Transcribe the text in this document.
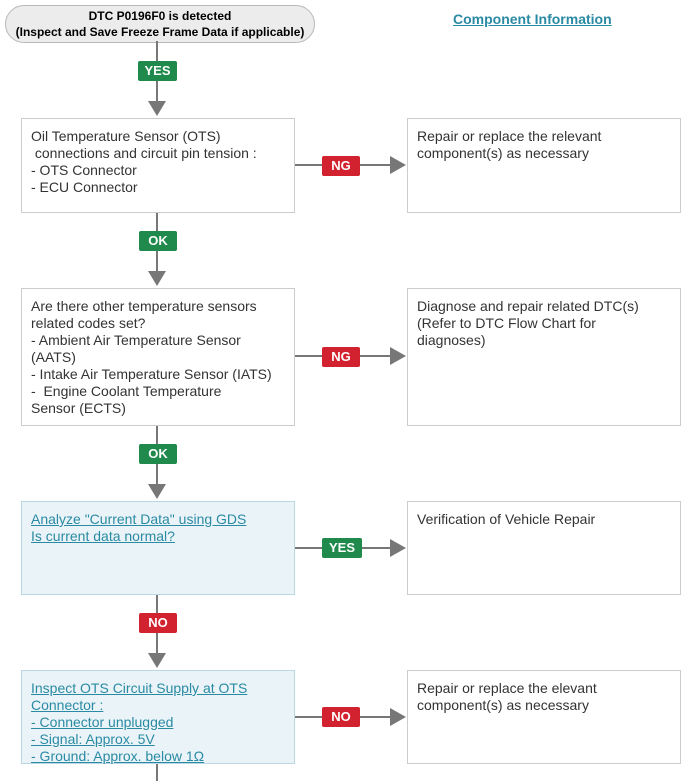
DTC P0196F0 is detected
(Inspect and Save Freeze Frame Data if applicable)
Component Information
YES
Oil Temperature Sensor (OTS)
connections and circuit pin tension :
- OTS Connector
- ECU Connector
NG
Repair or replace the relevant
component(s) as necessary
OK
Are there other temperature sensors
related codes set?
- Ambient Air Temperature Sensor
(AATS)
- Intake Air Temperature Sensor (IATS)
-  Engine Coolant Temperature
Sensor (ECTS)
NG
Diagnose and repair related DTC(s)
(Refer to DTC Flow Chart for
diagnoses)
OK
Analyze "Current Data" using GDS
Is current data normal?
YES
Verification of Vehicle Repair
NO
Inspect OTS Circuit Supply at OTS
Connector :
- Connector unplugged
- Signal: Approx. 5V
- Ground: Approx. below 1Ω
NO
Repair or replace the elevant
component(s) as necessary
